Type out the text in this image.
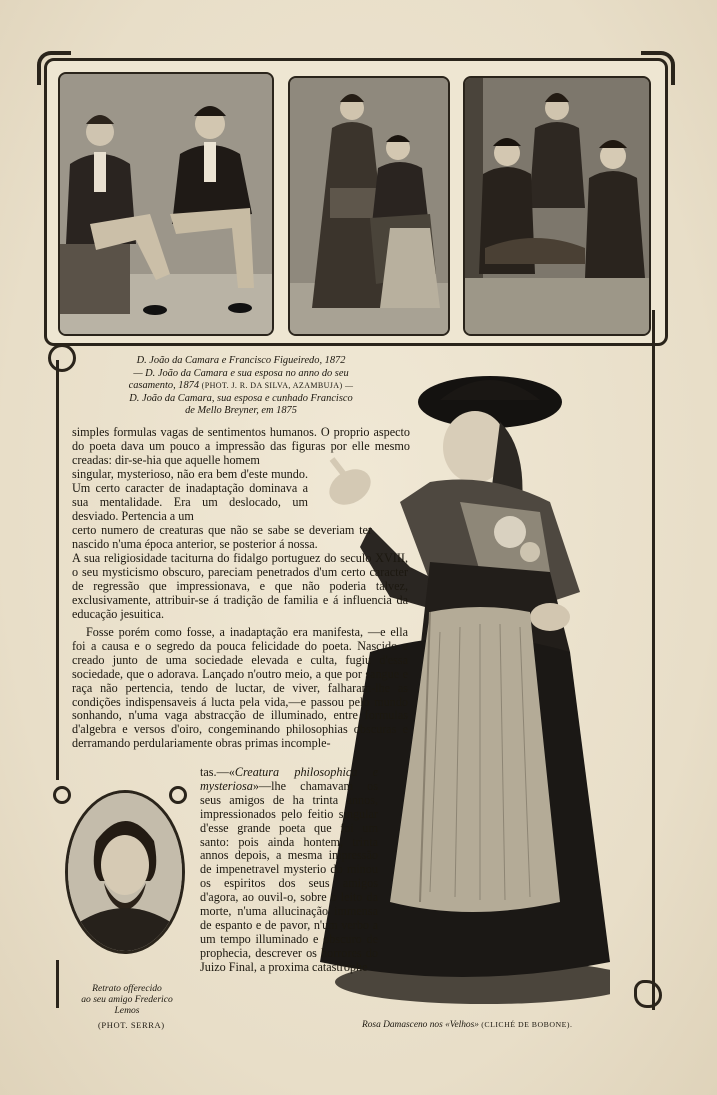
D. João da Camara e Francisco Figueiredo, 1872
— D. João da Camara e sua esposa no anno do seu
casamento, 1874 (PHOT. J. R. DA SILVA, AZAMBUJA) —
D. João da Camara, sua esposa e cunhado Francisco
de Mello Breyner, em 1875

simples formulas vagas de sentimentos humanos. O proprio aspecto do poeta dava um pouco a impressão das figuras por elle mesmo creadas: dir-se-hia que aquelle homem

singular, mysterioso, não era bem d'este mundo. Um certo caracter de inadaptação dominava a sua mentalidade. Era um deslocado, um desviado. Pertencia a um

certo numero de creaturas que não se sabe se deveriam ter nascido n'uma época anterior, se posterior á nossa.

A sua religiosidade taciturna do fidalgo portuguez do seculo XVIII, o seu mysticismo obscuro, pareciam penetrados d'um certo caracter de regressão que impressionava, e que não poderia talvez, exclusivamente, attribuir-se á tradição de familia e á influencia da educação jesuitica.

Fosse porém como fosse, a inadaptação era manifesta, —e ella foi a causa e o segredo da pouca felicidade do poeta. Nascido e creado junto de uma sociedade elevada e culta, fugiu d'essa sociedade, que o adorava. Lançado n'outro meio, a que por sangue e raça não pertencia, tendo de luctar, de viver, falharam-lhe as condições indispensaveis á lucta pela vida,—e passou pelo mundo sonhando, n'uma vaga abstracção de illuminado, entre formulas d'algebra e versos d'oiro, congeminando philosophias obscuras e derramando perdulariamente obras primas incomple-

tas.—«Creatura philosophica e mysteriosa»—lhe chamavam os seus amigos de ha trinta annos, impressionados pelo feitio singular d'esse grande poeta que foi um santo: pois ainda hontem, trinta annos depois, a mesma impressão de impenetravel mysterio do minou os espiritos dos seus amigos d'agora, ao ouvil-o, sobre o leito da morte, n'uma allucinação immensa de espanto e de pavor, n'um verbo a um tempo illuminado e obscuro de prophecia, descrever os horrores do Juizo Final, a proxima catastrophe

Retrato offerecido
ao seu amigo Frederico
Lemos
(PHOT. SERRA)	Rosa Damasceno nos «Velhos» (CLICHÉ DE BOBONE).
